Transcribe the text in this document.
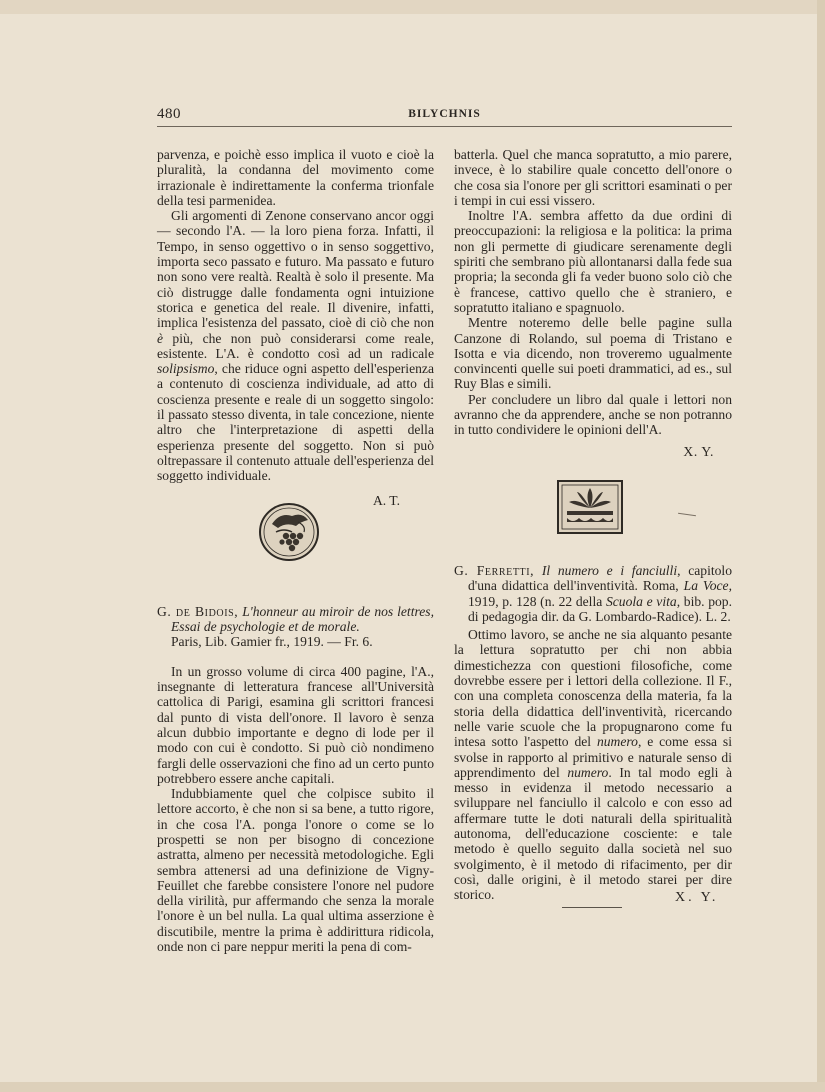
480	BILYCHNIS

parvenza, e poichè esso implica il vuoto e cioè la pluralità, la condanna del movimento come irrazionale è indirettamente la conferma trionfale della tesi parmenidea.

Gli argomenti di Zenone conservano ancor oggi — secondo l'A. — la loro piena forza. Infatti, il Tempo, in senso oggettivo o in senso soggettivo, importa seco passato e futuro. Ma passato e futuro non sono vere realtà. Realtà è solo il presente. Ma ciò distrugge dalle fondamenta ogni intuizione storica e genetica del reale. Il divenire, infatti, implica l'esistenza del passato, cioè di ciò che non è più, che non può considerarsi come reale, esistente. L'A. è condotto così ad un radicale solipsismo, che riduce ogni aspetto dell'esperienza a contenuto di coscienza individuale, ad atto di coscienza presente e reale di un soggetto singolo: il passato stesso diventa, in tale concezione, niente altro che l'interpretazione di aspetti della esperienza presente del soggetto. Non si può oltrepassare il contenuto attuale dell'esperienza del soggetto individuale.

A. T.

G. de Bidois, L'honneur au miroir de nos lettres, Essai de psychologie et de morale.
Paris, Lib. Gamier fr., 1919. — Fr. 6.

In un grosso volume di circa 400 pagine, l'A., insegnante di letteratura francese all'Università cattolica di Parigi, esamina gli scrittori francesi dal punto di vista dell'onore. Il lavoro è senza alcun dubbio importante e degno di lode per il modo con cui è condotto. Si può ciò nondimeno fargli delle osservazioni che fino ad un certo punto potrebbero essere anche capitali.

Indubbiamente quel che colpisce subito il lettore accorto, è che non si sa bene, a tutto rigore, in che cosa l'A. ponga l'onore o come se lo prospetti se non per bisogno di concezione astratta, almeno per necessità metodologiche. Egli sembra attenersi ad una definizione de Vigny-Feuillet che farebbe consistere l'onore nel pudore della virilità, pur affermando che senza la morale l'onore è un bel nulla. La qual ultima asserzione è discutibile, mentre la prima è addirittura ridicola, onde non ci pare neppur meriti la pena di com-

batterla. Quel che manca sopratutto, a mio parere, invece, è lo stabilire quale concetto dell'onore o che cosa sia l'onore per gli scrittori esaminati o per i tempi in cui essi vissero.

Inoltre l'A. sembra affetto da due ordini di preoccupazioni: la religiosa e la politica: la prima non gli permette di giudicare serenamente degli spiriti che sembrano più allontanarsi dalla fede sua propria; la seconda gli fa veder buono solo ciò che è francese, cattivo quello che è straniero, e sopratutto italiano e spagnuolo.

Mentre noteremo delle belle pagine sulla Canzone di Rolando, sul poema di Tristano e Isotta e via dicendo, non troveremo ugualmente convincenti quelle sui poeti drammatici, ad es., sul Ruy Blas e simili.

Per concludere un libro dal quale i lettori non avranno che da apprendere, anche se non potranno in tutto condividere le opinioni dell'A.

X. Y.

G. Ferretti, Il numero e i fanciulli, capitolo d'una didattica dell'inventività. Roma, La Voce, 1919, p. 128 (n. 22 della Scuola e vita, bib. pop. di pedagogia dir. da G. Lombardo-Radice). L. 2.

Ottimo lavoro, se anche ne sia alquanto pesante la lettura sopratutto per chi non abbia dimestichezza con questioni filosofiche, come dovrebbe essere per i lettori della collezione. Il F., con una completa conoscenza della materia, fa la storia della didattica dell'inventività, ricercando nelle varie scuole che la propugnarono come fu intesa sotto l'aspetto del numero, e come essa si svolse in rapporto al primitivo e naturale senso di apprendimento del numero. In tal modo egli à messo in evidenza il metodo necessario a sviluppare nel fanciullo il calcolo e con esso ad affermare tutte le doti naturali della spiritualità autonoma, dell'educazione cosciente: e tale metodo è quello seguito dalla società nel suo svolgimento, è il metodo di rifacimento, per dir così, dalle origini, è il metodo starei per dire storico.	X. Y.
